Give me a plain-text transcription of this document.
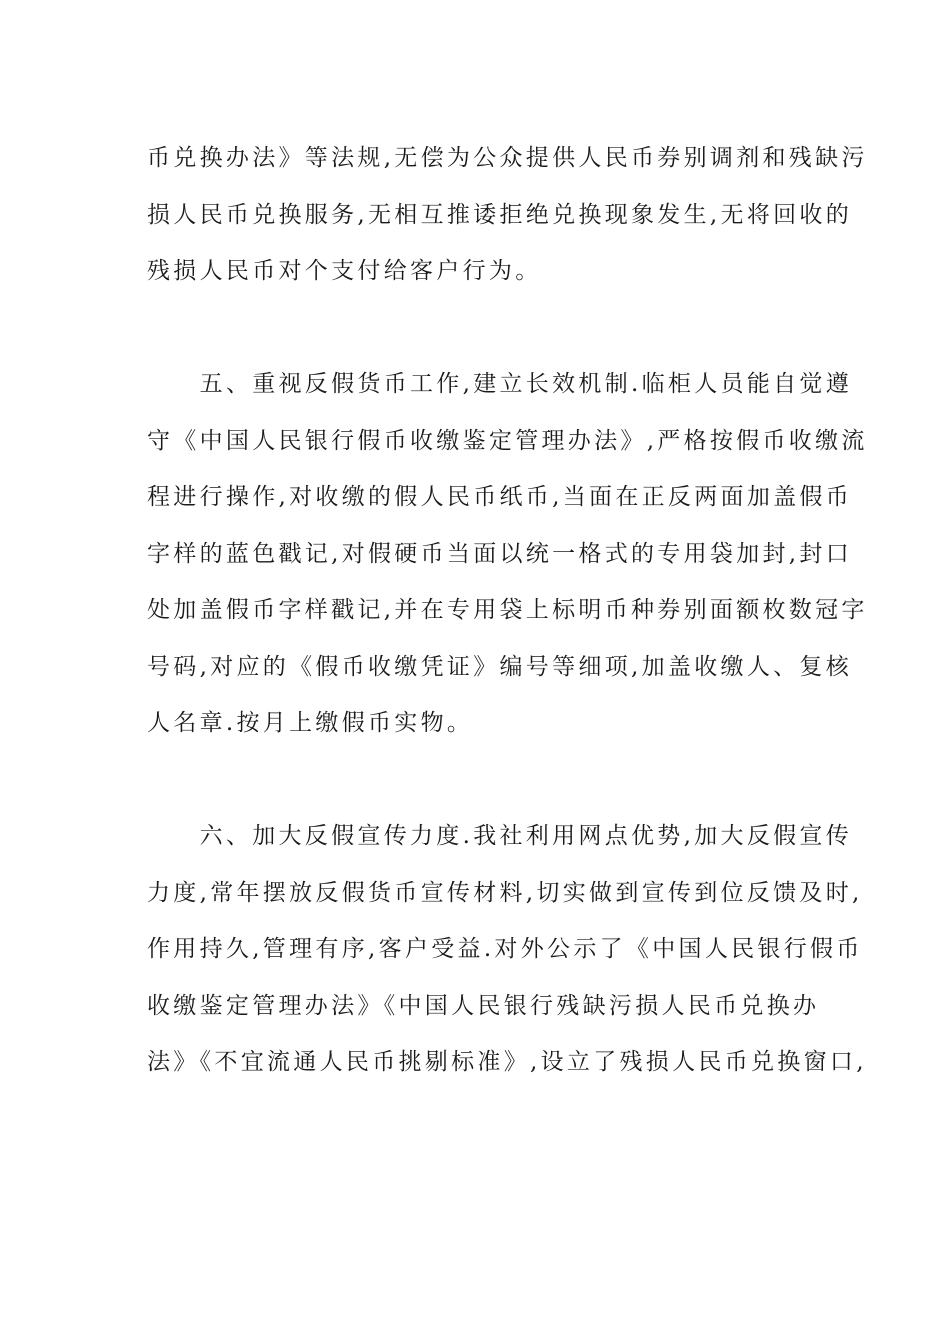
币兑换办法》等法规,无偿为公众提供人民币券别调剂和残缺污
损人民币兑换服务,无相互推诿拒绝兑换现象发生,无将回收的
残损人民币对个支付给客户行为。
　　五、重视反假货币工作,建立长效机制.临柜人员能自觉遵
守《中国人民银行假币收缴鉴定管理办法》,严格按假币收缴流
程进行操作,对收缴的假人民币纸币,当面在正反两面加盖假币
字样的蓝色戳记,对假硬币当面以统一格式的专用袋加封,封口
处加盖假币字样戳记,并在专用袋上标明币种券别面额枚数冠字
号码,对应的《假币收缴凭证》编号等细项,加盖收缴人、复核
人名章.按月上缴假币实物。
　　六、加大反假宣传力度.我社利用网点优势,加大反假宣传
力度,常年摆放反假货币宣传材料,切实做到宣传到位反馈及时,
作用持久,管理有序,客户受益.对外公示了《中国人民银行假币
收缴鉴定管理办法》《中国人民银行残缺污损人民币兑换办
法》《不宜流通人民币挑剔标准》,设立了残损人民币兑换窗口,
